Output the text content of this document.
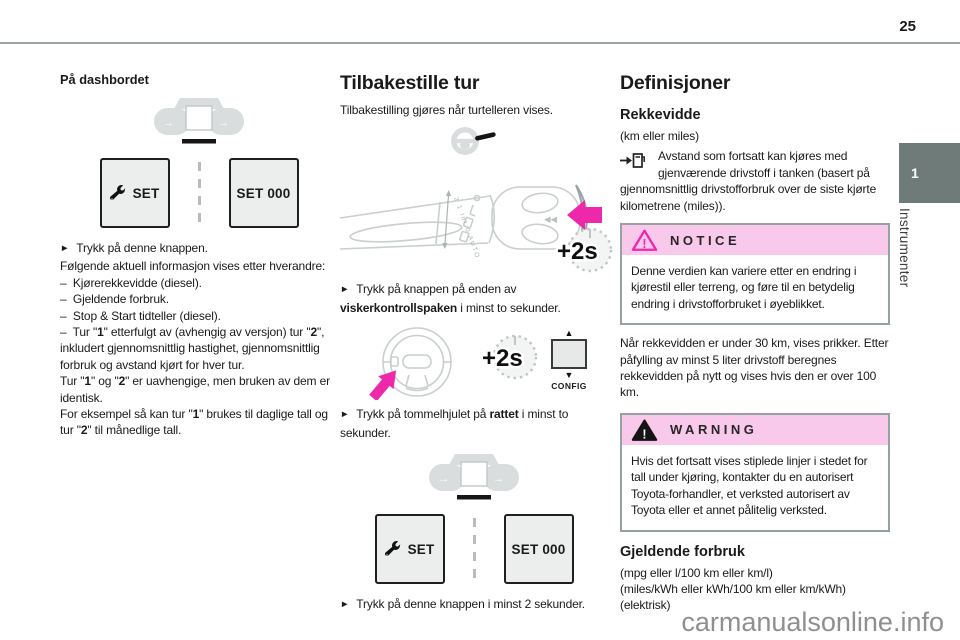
25
På dashbordet
→	→
SET	SET 000

► Trykk på denne knappen.

Følgende aktuell informasjon vises etter hverandre:

–  Kjørerekkevidde (diesel).

–  Gjeldende forbruk.

–  Stop & Start tidteller (diesel).

–  Tur "1" etterfulgt av (avhengig av versjon) tur "2", inkludert gjennomsnittlig hastighet, gjennomsnittlig forbruk og avstand kjørt for hver tur.

Tur "1" og "2" er uavhengige, men bruken av dem er identisk.

For eksempel så kan tur "1" brukes til daglige tall og tur "2" til månedlige tall.

Tilbakestille tur

Tilbakestilling gjøres når turtelleren vises.

2 1 Int 0 AUTO	◀◀
+2s

► Trykk på knappen på enden av viskerkontrollspaken i minst to sekunder.

+2s
▲
▼
CONFIG

► Trykk på tommelhjulet på rattet i minst to sekunder.

→	→
SET	SET 000

► Trykk på denne knappen i minst 2 sekunder.

Definisjoner
Rekkevidde

(km eller miles)

Avstand som fortsatt kan kjøres med gjenværende drivstoff i tanken (basert på gjennomsnittlig drivstofforbruk over de siste kjørte kilometrene (miles)).
! NOTICE
Denne verdien kan variere etter en endring i kjørestil eller terreng, og føre til en betydelig endring i drivstofforbruket i øyeblikket.

Når rekkevidden er under 30 km, vises prikker. Etter påfylling av minst 5 liter drivstoff beregnes rekkevidden på nytt og vises hvis den er over 100 km.

! WARNING
Hvis det fortsatt vises stiplede linjer i stedet for tall under kjøring, kontakter du en autorisert Toyota-forhandler, et verksted autorisert av Toyota eller et annet pålitelig verksted.
Gjeldende forbruk

(mpg eller l/100 km eller km/l)

(miles/kWh eller kWh/100 km eller km/kWh)

(elektrisk)

1
Instrumenter
carmanualsonline.info
